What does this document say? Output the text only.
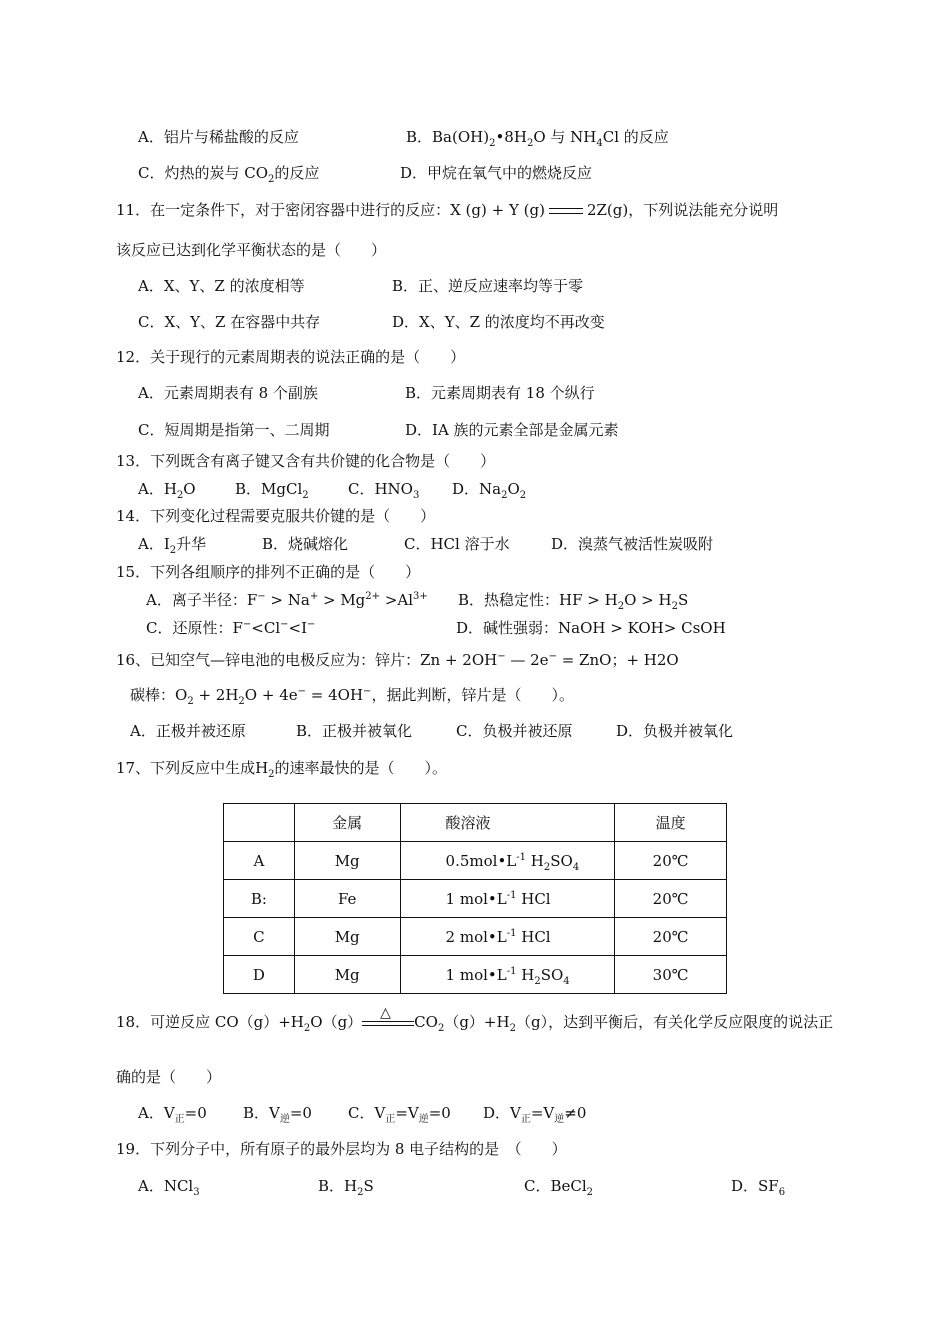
A．铝片与稀盐酸的反应	B．$Ba(OH)_2•8H_2O$ 与 $NH_4Cl$ 的反应
C．灼热的炭与 $CO_2$的反应	D．甲烷在氧气中的燃烧反应
11．在一定条件下，对于密闭容器中进行的反应：X (g) + Y (g)	2Z(g)，下列说法能充分说明
该反应已达到化学平衡状态的是（　　）
A．X、Y、Z 的浓度相等	B．正、逆反应速率均等于零
C．X、Y、Z 在容器中共存	D．X、Y、Z 的浓度均不再改变
12．关于现行的元素周期表的说法正确的是（　　）
A．元素周期表有 8 个副族	B．元素周期表有 18 个纵行
C．短周期是指第一、二周期	D．IA 族的元素全部是金属元素
13．下列既含有离子键又含有共价键的化合物是（　　）
A．$H_2O$	B．MgCl$_2$	C．$HNO_3$ D．$Na_2O_2$
14．下列变化过程需要克服共价键的是（　　）
A．$I_2$升华	B．烧碱熔化	C．HCl 溶于水	D．溴蒸气被活性炭吸附
15．下列各组顺序的排列不正确的是（　　）
A．离子半径：$F^- > Na^+ > Mg^{2+} >Al^{3+}$ B．热稳定性：HF > $H_2O > H_2S$
C．还原性：F−<Cl−<I−	D．碱性强弱：NaOH > KOH> CsOH
16、已知空气—锌电池的电极反应为：锌片：Zn + 2OH− — 2e− = ZnO；+ H2O
碳棒：$O_2 + 2H_2O + 4e^- = 4OH^-$，据此判断，锌片是（　　）。
A．正极并被还原	B．正极并被氧化	C．负极并被还原	D．负极并被氧化
17、下列反应中生成$H_2$的速率最快的是（　　）。
	金属	酸溶液	温度
A	Mg	$0.5mol•L^{-1}$ $H_2SO_4$	20℃
B:	Fe	1 $mol•L^{-1}$ HCl	20℃
C	Mg	2 $mol•L^{-1}$ HCl	20℃
D	Mg	1 $mol•L^{-1}$ $H_2SO_4$	30℃
18．可逆反应 $CO(g)+H_2O(g)$ △ $CO_2(g)+H_2(g)$，达到平衡后，有关化学反应限度的说法正
确的是（　　）
A．$V_正=0$ B．$V_逆=0$ C．$V_正=V_逆=0$ D．$V_正=V_逆\ne 0$
19．下列分子中，所有原子的最外层均为 8 电子结构的是　（　　）
A．NCl$_3$	B．$H_2S$	C．BeCl$_2$	D．$SF_6$
